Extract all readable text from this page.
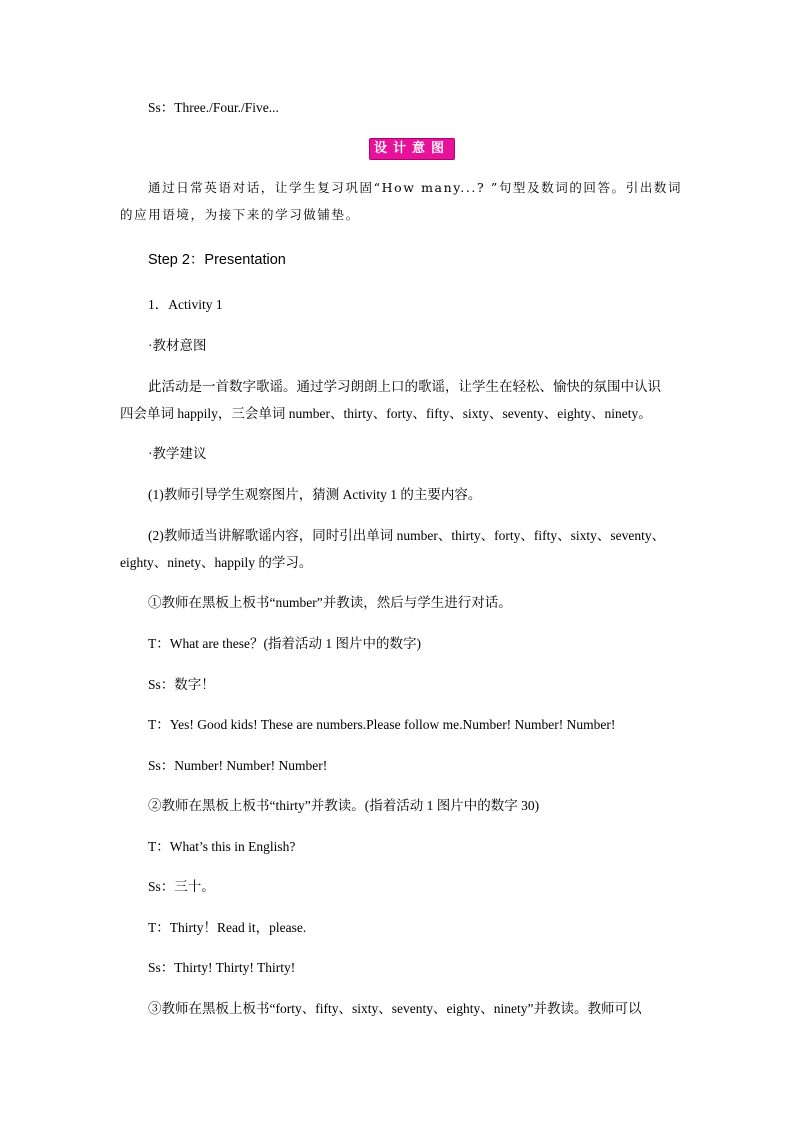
Ss：Three./Four./Five...
设计意图
通过日常英语对话，让学生复习巩固“How many...? ”句型及数词的回答。引出数词
的应用语境，为接下来的学习做铺垫。
Step 2：Presentation
1．Activity 1
·教材意图
此活动是一首数字歌谣。通过学习朗朗上口的歌谣，让学生在轻松、愉快的氛围中认识
四会单词 happily，三会单词 number、thirty、forty、fifty、sixty、seventy、eighty、ninety。
·教学建议
(1)教师引导学生观察图片，猜测 Activity 1 的主要内容。
(2)教师适当讲解歌谣内容，同时引出单词 number、thirty、forty、fifty、sixty、seventy、
eighty、ninety、happily 的学习。
①教师在黑板上板书“number”并教读，然后与学生进行对话。
T：What are these？(指着活动 1 图片中的数字)
Ss：数字！
T：Yes! Good kids! These are numbers.Please follow me.Number! Number! Number!
Ss：Number! Number! Number!
②教师在黑板上板书“thirty”并教读。(指着活动 1 图片中的数字 30)
T：What’s this in English?
Ss：三十。
T：Thirty！Read it，please.
Ss：Thirty! Thirty! Thirty!
③教师在黑板上板书“forty、fifty、sixty、seventy、eighty、ninety”并教读。教师可以
